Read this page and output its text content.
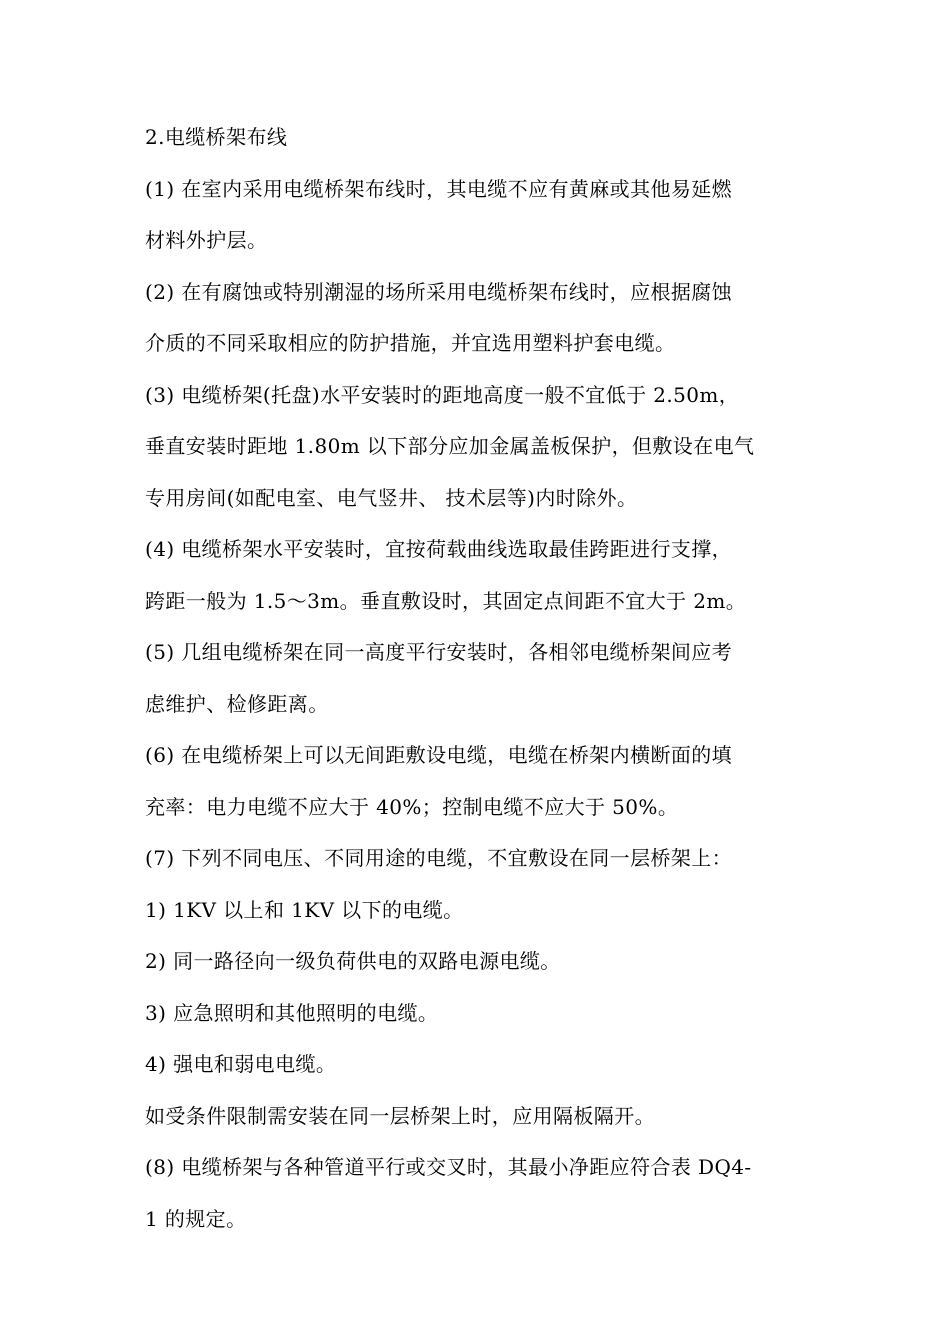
2.电缆桥架布线
(1) 在室内采用电缆桥架布线时，其电缆不应有黄麻或其他易延燃
材料外护层。
(2) 在有腐蚀或特别潮湿的场所采用电缆桥架布线时，应根据腐蚀
介质的不同采取相应的防护措施，并宜选用塑料护套电缆。
(3) 电缆桥架(托盘)水平安装时的距地高度一般不宜低于 2.50m，
垂直安装时距地 1.80m 以下部分应加金属盖板保护，但敷设在电气
专用房间(如配电室、电气竖井、 技术层等)内时除外。
(4) 电缆桥架水平安装时，宜按荷载曲线选取最佳跨距进行支撑，
跨距一般为 1.5～3m。垂直敷设时，其固定点间距不宜大于 2m。
(5) 几组电缆桥架在同一高度平行安装时，各相邻电缆桥架间应考
虑维护、检修距离。
(6) 在电缆桥架上可以无间距敷设电缆，电缆在桥架内横断面的填
充率：电力电缆不应大于 40%；控制电缆不应大于 50%。
(7) 下列不同电压、不同用途的电缆，不宜敷设在同一层桥架上：
1) 1KV 以上和 1KV 以下的电缆。
2) 同一路径向一级负荷供电的双路电源电缆。
3) 应急照明和其他照明的电缆。
4) 强电和弱电电缆。
如受条件限制需安装在同一层桥架上时，应用隔板隔开。
(8) 电缆桥架与各种管道平行或交叉时，其最小净距应符合表 DQ4-
1 的规定。
